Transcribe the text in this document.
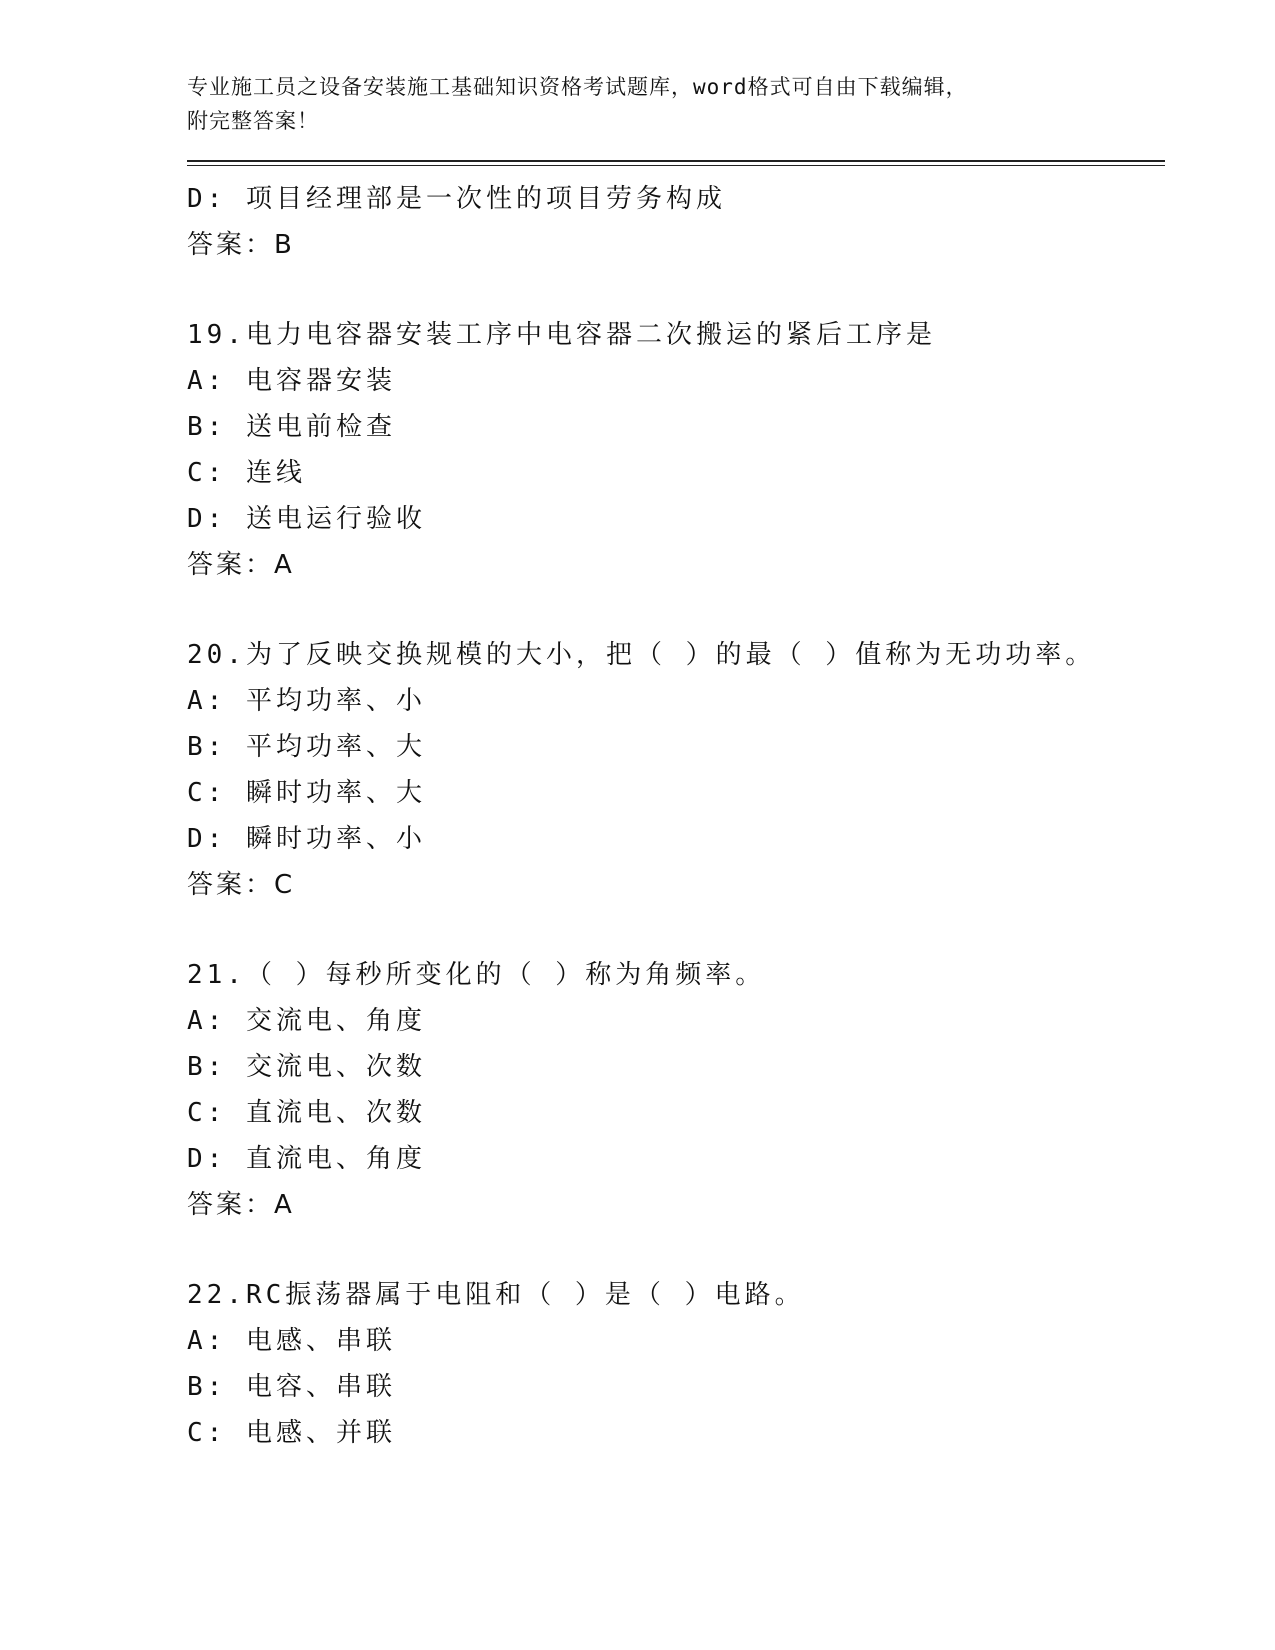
专业施工员之设备安装施工基础知识资格考试题库，word格式可自由下载编辑，

附完整答案！

D: 项目经理部是一次性的项目劳务构成
答案：B
19.电力电容器安装工序中电容器二次搬运的紧后工序是
A: 电容器安装
B: 送电前检查
C: 连线
D: 送电运行验收
答案：A
20.为了反映交换规模的大小，把（ ）的最（ ）值称为无功功率。
A: 平均功率、小
B: 平均功率、大
C: 瞬时功率、大
D: 瞬时功率、小
答案：C
21.（ ）每秒所变化的（ ）称为角频率。
A: 交流电、角度
B: 交流电、次数
C: 直流电、次数
D: 直流电、角度
答案：A
22.RC振荡器属于电阻和（ ）是（ ）电路。
A: 电感、串联
B: 电容、串联
C: 电感、并联
